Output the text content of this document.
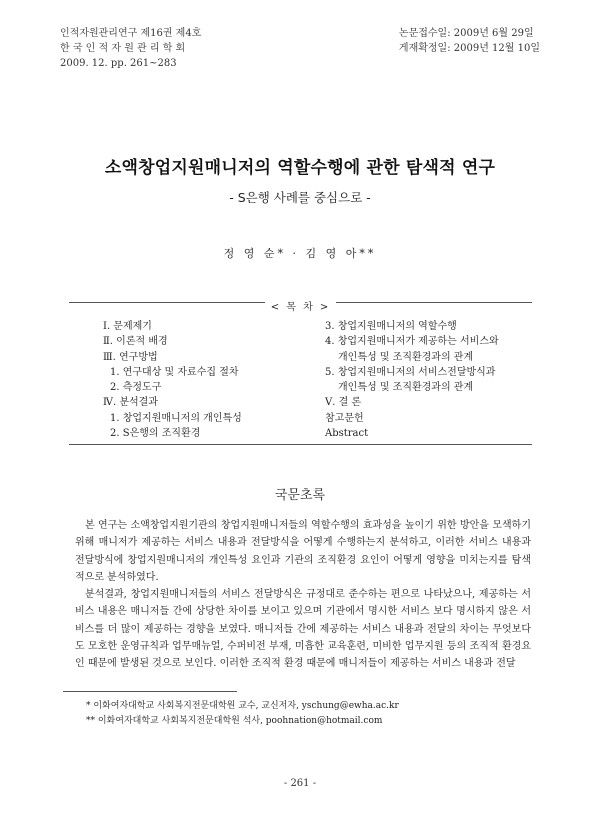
인적자원관리연구 제16권 제4호
한 국 인 적 자 원 관 리 학 회
2009. 12. pp. 261~283
논문접수일: 2009년 6월 29일
게재확정일: 2009년 12월 10일
소액창업지원매니저의 역할수행에 관한 탐색적 연구
- S은행 사례를 중심으로 -
정 영 순* · 김 영 아**
< 목 차 >
Ⅰ. 문제제기
Ⅱ. 이론적 배경
Ⅲ. 연구방법
1. 연구대상 및 자료수집 절차
2. 측정도구
Ⅳ. 분석결과
1. 창업지원매니저의 개인특성
2. S은행의 조직환경
3. 창업지원매니저의 역할수행
4. 창업지원매니저가 제공하는 서비스와
개인특성 및 조직환경과의 관계
5. 창업지원매니저의 서비스전달방식과
개인특성 및 조직환경과의 관계
Ⅴ. 결 론
참고문헌
Abstract
국문초록

본 연구는 소액창업지원기관의 창업지원매니저들의 역할수행의 효과성을 높이기 위한 방안을 모색하기 위해 매니저가 제공하는 서비스 내용과 전달방식을 어떻게 수행하는지 분석하고, 이러한 서비스 내용과 전달방식에 창업지원매니저의 개인특성 요인과 기관의 조직환경 요인이 어떻게 영향을 미치는지를 탐색적으로 분석하였다.

분석결과, 창업지원매니저들의 서비스 전달방식은 규정대로 준수하는 편으로 나타났으나, 제공하는 서비스 내용은 매니저들 간에 상당한 차이를 보이고 있으며 기관에서 명시한 서비스 보다 명시하지 않은 서비스를 더 많이 제공하는 경향을 보였다. 매니저들 간에 제공하는 서비스 내용과 전달의 차이는 무엇보다도 모호한 운영규칙과 업무매뉴얼, 수퍼비전 부재, 미흡한 교육훈련, 미비한 업무지원 등의 조직적 환경요인 때문에 발생된 것으로 보인다. 이러한 조직적 환경 때문에 매니저들이 제공하는 서비스 내용과 전달

* 이화여자대학교 사회복지전문대학원 교수, 교신저자, yschung@ewha.ac.kr
** 이화여자대학교 사회복지전문대학원 석사, poohnation@hotmail.com
- 261 -
